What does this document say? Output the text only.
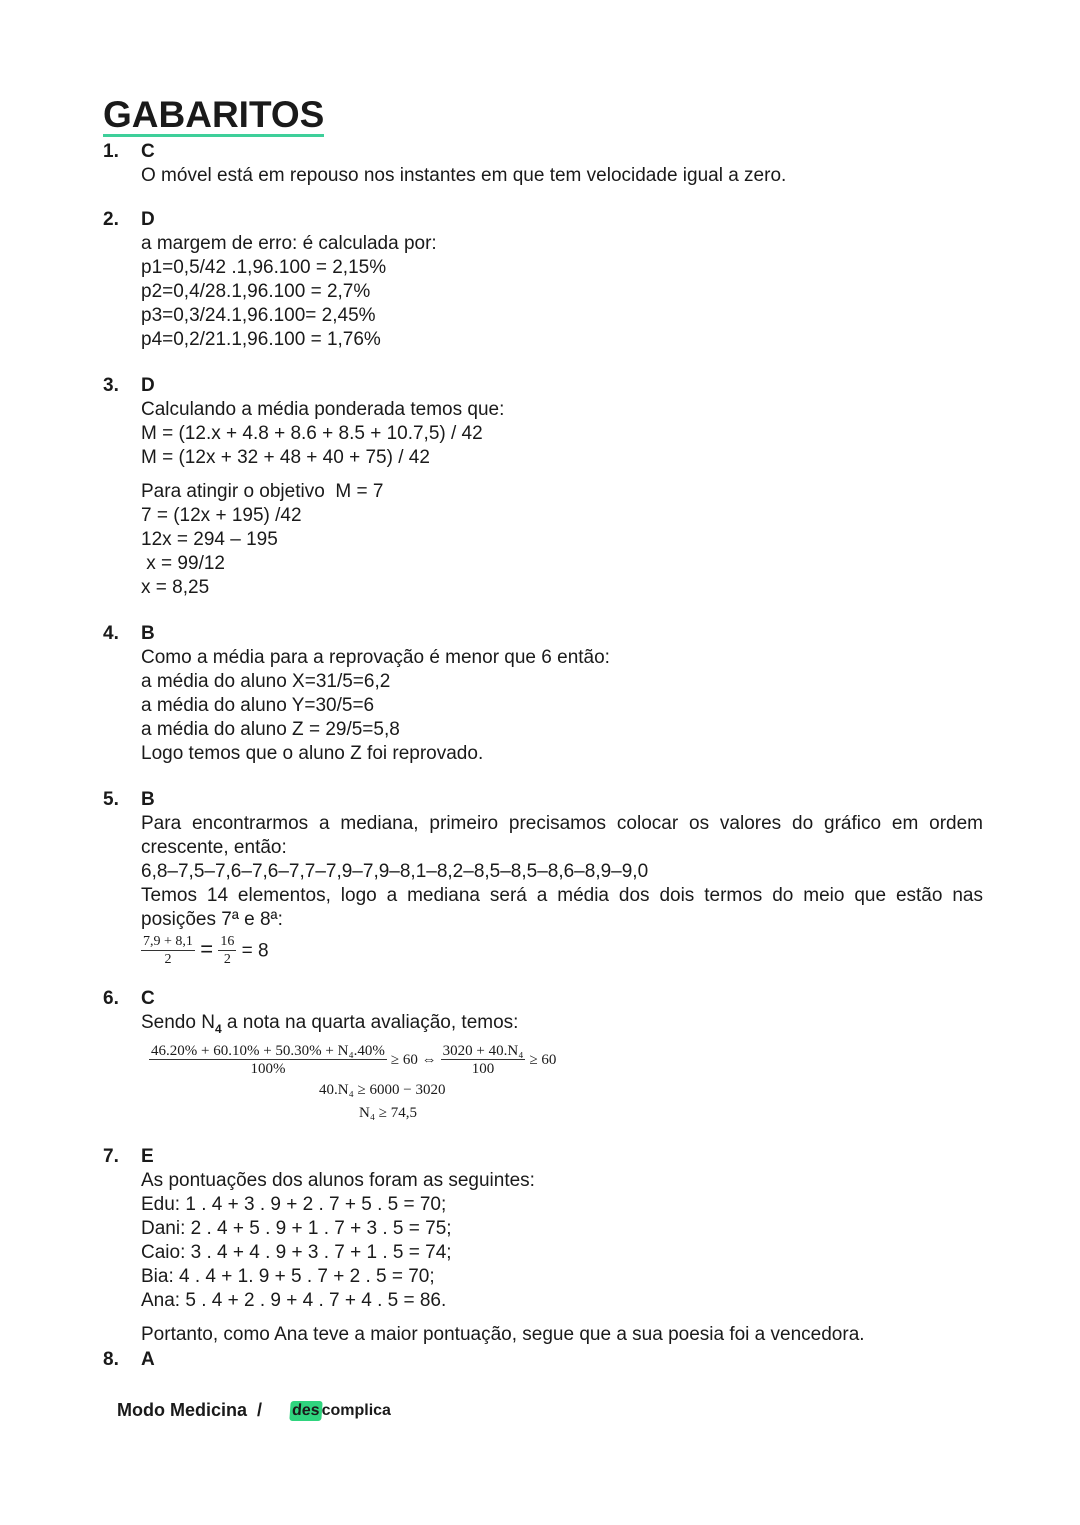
GABARITOS
1.	C
O móvel está em repouso nos instantes em que tem velocidade igual a zero.
2.	D
a margem de erro: é calculada por:
p1=0,5/42 .1,96.100 = 2,15%
p2=0,4/28.1,96.100 = 2,7%
p3=0,3/24.1,96.100= 2,45%
p4=0,2/21.1,96.100 = 1,76%
3.	D
Calculando a média ponderada temos que:
M = (12.x + 4.8 + 8.6 + 8.5 + 10.7,5) / 42
M = (12x + 32 + 48 + 40 + 75) / 42
Para atingir o objetivo  M = 7
7 = (12x + 195) /42
12x = 294 – 195
x = 99/12
x = 8,25
4.	B
Como a média para a reprovação é menor que 6 então:
a média do aluno X=31/5=6,2
a média do aluno Y=30/5=6
a média do aluno Z = 29/5=5,8
Logo temos que o aluno Z foi reprovado.
5.	B
Para encontrarmos a mediana, primeiro precisamos colocar os valores do gráfico em ordem crescente, então:
6,8–7,5–7,6–7,6–7,7–7,9–7,9–8,1–8,2–8,5–8,5–8,6–8,9–9,0
Temos 14 elementos, logo a mediana será a média dos dois termos do meio que estão nas posições 7ª e 8ª:
$\frac{7,9 + 8,1}{2} = \frac{16}{2} = 8$
6.	C
Sendo $N_4$ a nota na quarta avaliação, temos:
$\frac{\text{46.20\% + 60.10\% + 50.30\% + N₄.40\%}}{100\%} \ge 60$ ⇔ $\frac{\text{3020 + 40.N₄}}{100} \ge 60$
40.N₄ ≥ 6000 − 3020
N₄ ≥ 74,5
7.	E
As pontuações dos alunos foram as seguintes:
Edu: 1 . 4 + 3 . 9 + 2 . 7 + 5 . 5 = 70;
Dani: 2 . 4 + 5 . 9 + 1 . 7 + 3 . 5 = 75;
Caio: 3 . 4 + 4 . 9 + 3 . 7 + 1 . 5 = 74;
Bia: 4 . 4 + 1. 9 + 5 . 7 + 2 . 5 = 70;
Ana: 5 . 4 + 2 . 9 + 4 . 7 + 4 . 5 = 86.
Portanto, como Ana teve a maior pontuação, segue que a sua poesia foi a vencedora.
8.	A
Modo Medicina / des complica
